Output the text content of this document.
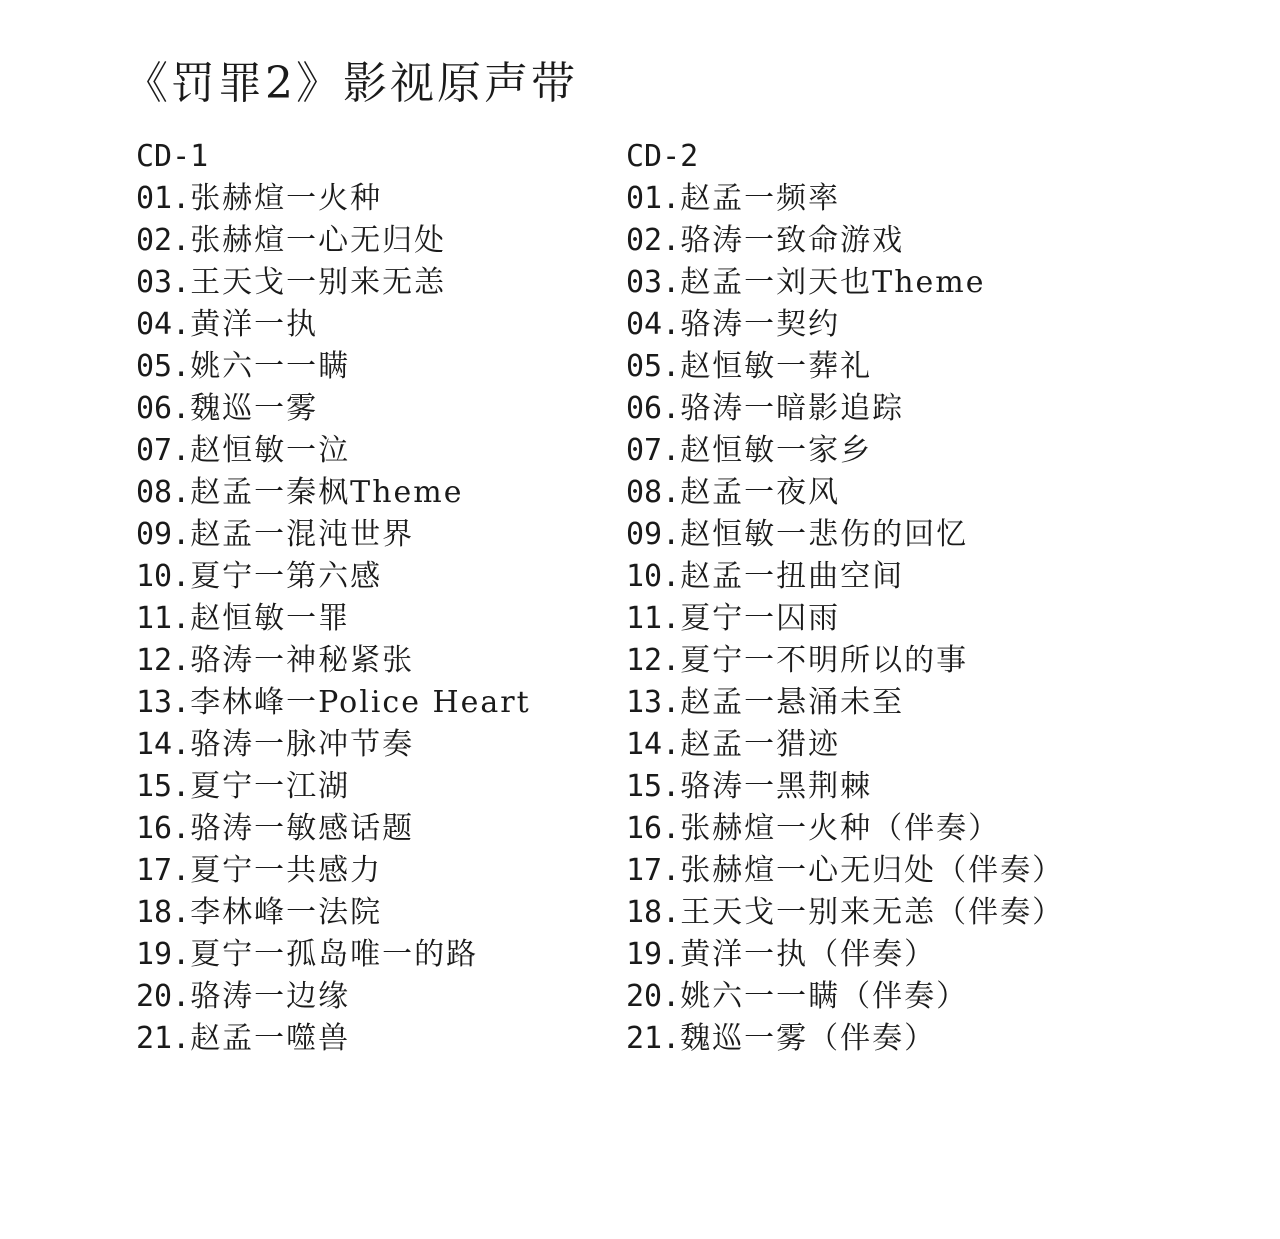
《罚罪2》影视原声带
CD-1
01. 张赫煊一火种
02. 张赫煊一心无归处
03. 王天戈一别来无恙
04. 黄洋一执
05. 姚六一一瞒
06. 魏巡一雾
07. 赵恒敏一泣
08. 赵孟一秦枫Theme
09. 赵孟一混沌世界
10. 夏宁一第六感
11. 赵恒敏一罪
12. 骆涛一神秘紧张
13. 李林峰一Police Heart
14. 骆涛一脉冲节奏
15. 夏宁一江湖
16. 骆涛一敏感话题
17. 夏宁一共感力
18. 李林峰一法院
19. 夏宁一孤岛唯一的路
20. 骆涛一边缘
21. 赵孟一噬兽
CD-2
01. 赵孟一频率
02. 骆涛一致命游戏
03. 赵孟一刘天也Theme
04. 骆涛一契约
05. 赵恒敏一葬礼
06. 骆涛一暗影追踪
07. 赵恒敏一家乡
08. 赵孟一夜风
09. 赵恒敏一悲伤的回忆
10. 赵孟一扭曲空间
11. 夏宁一囚雨
12. 夏宁一不明所以的事
13. 赵孟一悬涌未至
14. 赵孟一猎迹
15. 骆涛一黑荆棘
16. 张赫煊一火种（伴奏）
17. 张赫煊一心无归处（伴奏）
18. 王天戈一别来无恙（伴奏）
19. 黄洋一执（伴奏）
20. 姚六一一瞒（伴奏）
21. 魏巡一雾（伴奏）
